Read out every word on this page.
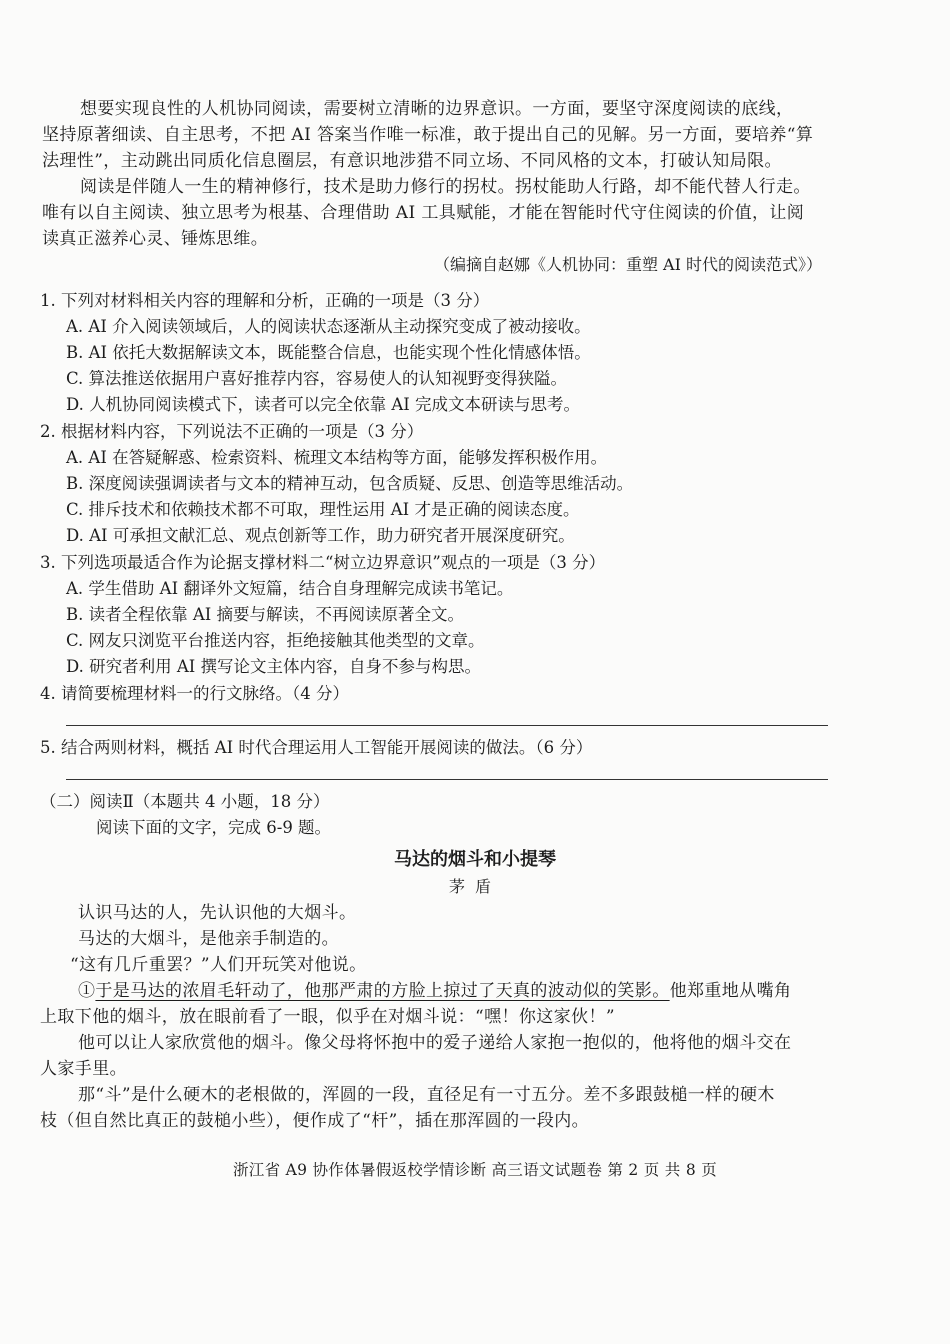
想要实现良性的人机协同阅读，需要树立清晰的边界意识。一方面，要坚守深度阅读的底线，
坚持原著细读、自主思考，不把 AI 答案当作唯一标准，敢于提出自己的见解。另一方面，要培养“算
法理性”，主动跳出同质化信息圈层，有意识地涉猎不同立场、不同风格的文本，打破认知局限。
阅读是伴随人一生的精神修行，技术是助力修行的拐杖。拐杖能助人行路，却不能代替人行走。
唯有以自主阅读、独立思考为根基、合理借助 AI 工具赋能，才能在智能时代守住阅读的价值，让阅
读真正滋养心灵、锤炼思维。
（编摘自赵娜《人机协同：重塑 AI 时代的阅读范式》）
1. 下列对材料相关内容的理解和分析，正确的一项是（3 分）
A. AI 介入阅读领域后，人的阅读状态逐渐从主动探究变成了被动接收。
B. AI 依托大数据解读文本，既能整合信息，也能实现个性化情感体悟。
C. 算法推送依据用户喜好推荐内容，容易使人的认知视野变得狭隘。
D. 人机协同阅读模式下，读者可以完全依靠 AI 完成文本研读与思考。
2. 根据材料内容，下列说法不正确的一项是（3 分）
A. AI 在答疑解惑、检索资料、梳理文本结构等方面，能够发挥积极作用。
B. 深度阅读强调读者与文本的精神互动，包含质疑、反思、创造等思维活动。
C. 排斥技术和依赖技术都不可取，理性运用 AI 才是正确的阅读态度。
D. AI 可承担文献汇总、观点创新等工作，助力研究者开展深度研究。
3. 下列选项最适合作为论据支撑材料二“树立边界意识”观点的一项是（3 分）
A. 学生借助 AI 翻译外文短篇，结合自身理解完成读书笔记。
B. 读者全程依靠 AI 摘要与解读，不再阅读原著全文。
C. 网友只浏览平台推送内容，拒绝接触其他类型的文章。
D. 研究者利用 AI 撰写论文主体内容，自身不参与构思。
4. 请简要梳理材料一的行文脉络。（4 分）
5. 结合两则材料，概括 AI 时代合理运用人工智能开展阅读的做法。（6 分）
（二）阅读Ⅱ（本题共 4 小题，18 分）
阅读下面的文字，完成 6-9 题。
马达的烟斗和小提琴
茅盾
认识马达的人，先认识他的大烟斗。
马达的大烟斗，是他亲手制造的。
“这有几斤重罢？”人们开玩笑对他说。
①于是马达的浓眉毛轩动了，他那严肃的方脸上掠过了天真的波动似的笑影。他郑重地从嘴角
上取下他的烟斗，放在眼前看了一眼，似乎在对烟斗说：“嘿！你这家伙！”
他可以让人家欣赏他的烟斗。像父母将怀抱中的爱子递给人家抱一抱似的，他将他的烟斗交在
人家手里。
那“斗”是什么硬木的老根做的，浑圆的一段，直径足有一寸五分。差不多跟鼓槌一样的硬木
枝（但自然比真正的鼓槌小些），便作成了“杆”，插在那浑圆的一段内。
浙江省 A9 协作体暑假返校学情诊断 高三语文试题卷 第 2 页 共 8 页
